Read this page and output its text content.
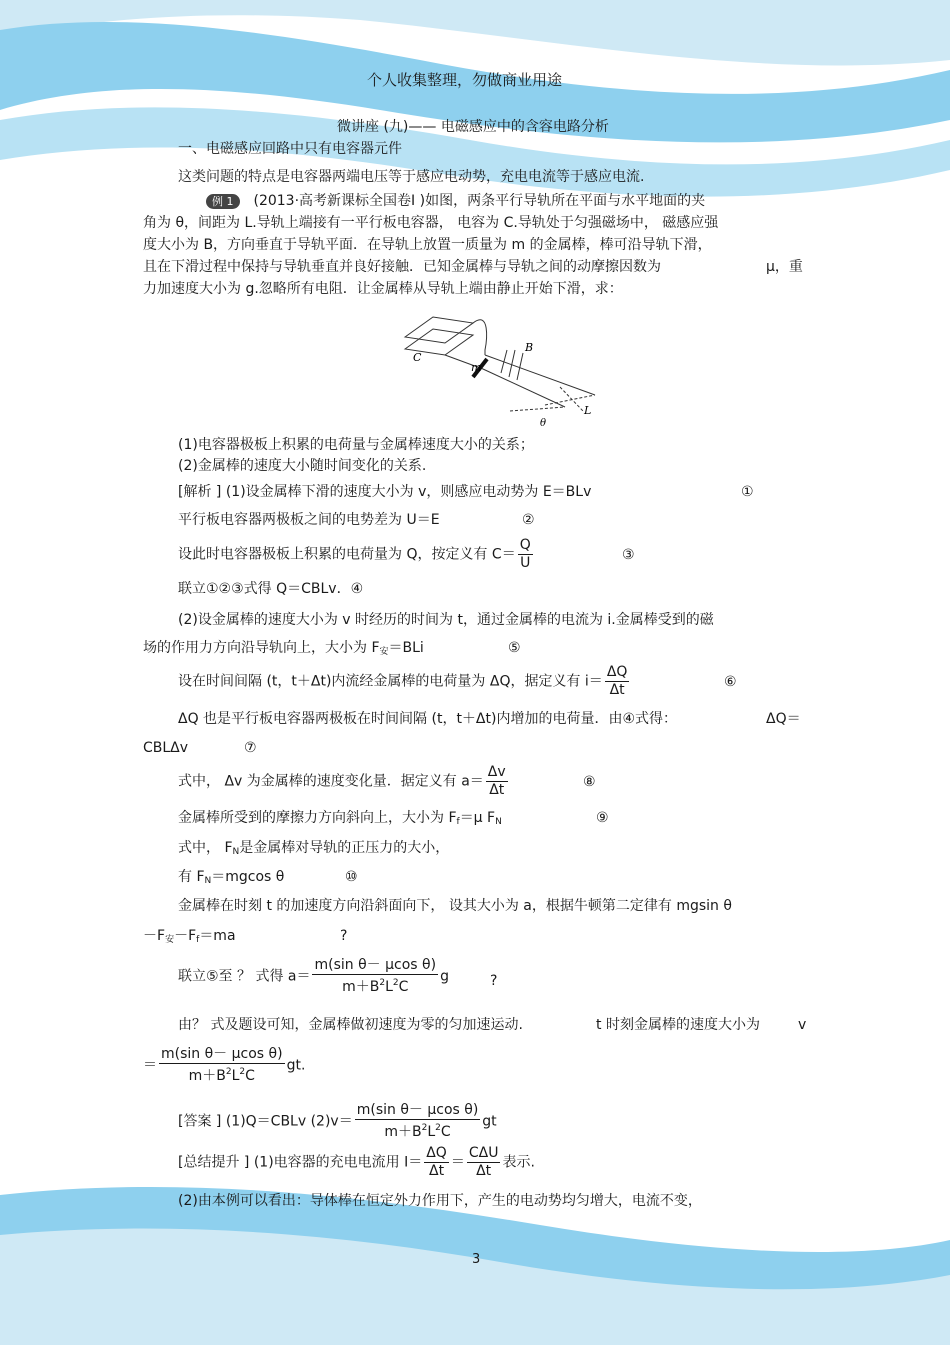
个人收集整理，勿做商业用途
微讲座 (九)—— 电磁感应中的含容电路分析
一、电磁感应回路中只有电容器元件
这类问题的特点是电容器两端电压等于感应电动势，充电电流等于感应电流.
例 1 (2013·高考新课标全国卷Ⅰ )如图，两条平行导轨所在平面与水平地面的夹
角为 θ，间距为 L.导轨上端接有一平行板电容器， 电容为 C.导轨处于匀强磁场中， 磁感应强
度大小为 B，方向垂直于导轨平面．在导轨上放置一质量为 m 的金属棒，棒可沿导轨下滑，
且在下滑过程中保持与导轨垂直并良好接触．已知金属棒与导轨之间的动摩擦因数为	μ，重
力加速度大小为 g.忽略所有电阻．让金属棒从导轨上端由静止开始下滑，求：
C
B
m
L
θ
(1)电容器极板上积累的电荷量与金属棒速度大小的关系；
(2)金属棒的速度大小随时间变化的关系.
[解析 ] (1)设金属棒下滑的速度大小为 v，则感应电动势为 E＝BLv	①
平行板电容器两极板之间的电势差为 U＝E	②
设此时电容器极板上积累的电荷量为 Q，按定义有 $C= \frac{Q}{U}$	③
联立①②③式得 Q＝CBLv．④
(2)设金属棒的速度大小为 v 时经历的时间为 t，通过金属棒的电流为 i.金属棒受到的磁
场的作用力方向沿导轨向上，大小为 $F_安=BLi$	⑤
设在时间间隔 (t，t＋Δt)内流经金属棒的电荷量为 ΔQ，据定义有 $i= \frac{\Delta Q}{\Delta t}$	⑥
ΔQ 也是平行板电容器两极板在时间间隔 (t，t＋Δt)内增加的电荷量．由④式得：	ΔQ＝
CBLΔv	⑦
式中， Δv 为金属棒的速度变化量．据定义有 $a= \frac{\Delta v}{\Delta t}$	⑧
金属棒所受到的摩擦力方向斜向上，大小为 $F_f=\mu$ $F_N$	⑨
式中， $F_N$是金属棒对导轨的正压力的大小，
有 $F_N=mgcos$ θ	⑩
金属棒在时刻 t 的加速度方向沿斜面向下， 设其大小为 a，根据牛顿第二定律有 mgsin θ
$-F_安-F_f=ma$	?
联立⑤至 ？ 式得 $a= \frac{\text{m(sin θ－ μcos θ)}}{m+B^2L^2C}$ g	?
由？ 式及题设可知，金属棒做初速度为零的匀加速运动.	t 时刻金属棒的速度大小为	v
＝ $\frac{\text{m(sin θ－ μcos θ)}}{m+B^2L^2C}$ gt.
[答案 ] (1)Q＝CBLv $(2)v= \frac{\text{m(sin θ－ μcos θ)}}{m+B^2L^2C}$ gt
[总结提升 ] (1)电容器的充电电流用 $I= \frac{\Delta Q}{\Delta t} = \frac{\text{CΔU}}{\Delta t}$ 表示.
(2)由本例可以看出：导体棒在恒定外力作用下，产生的电动势均匀增大，电流不变，
3
